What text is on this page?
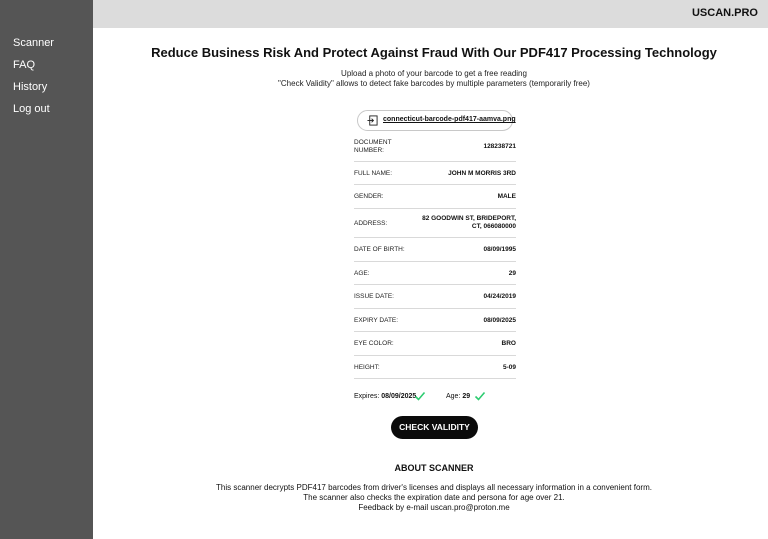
Scanner
FAQ
History
Log out
USCAN.PRO
Reduce Business Risk And Protect Against Fraud With Our PDF417 Processing Technology
Upload a photo of your barcode to get a free reading
"Check Validity" allows to detect fake barcodes by multiple parameters (temporarily free)
connecticut-barcode-pdf417-aamva.png
DOCUMENT
NUMBER:
128238721
FULL NAME:	JOHN M MORRIS 3RD
GENDER:	MALE
ADDRESS:
82 GOODWIN ST, BRIDEPORT,
CT, 066080000
DATE OF BIRTH:	08/09/1995
AGE:	29
ISSUE DATE:	04/24/2019
EXPIRY DATE:	08/09/2025
EYE COLOR:	BRO
HEIGHT:	5-09
Expires: 08/09/2025	Age: 29
CHECK VALIDITY
ABOUT SCANNER
This scanner decrypts PDF417 barcodes from driver's licenses and displays all necessary information in a convenient form.
The scanner also checks the expiration date and persona for age over 21.
Feedback by e-mail uscan.pro@proton.me
